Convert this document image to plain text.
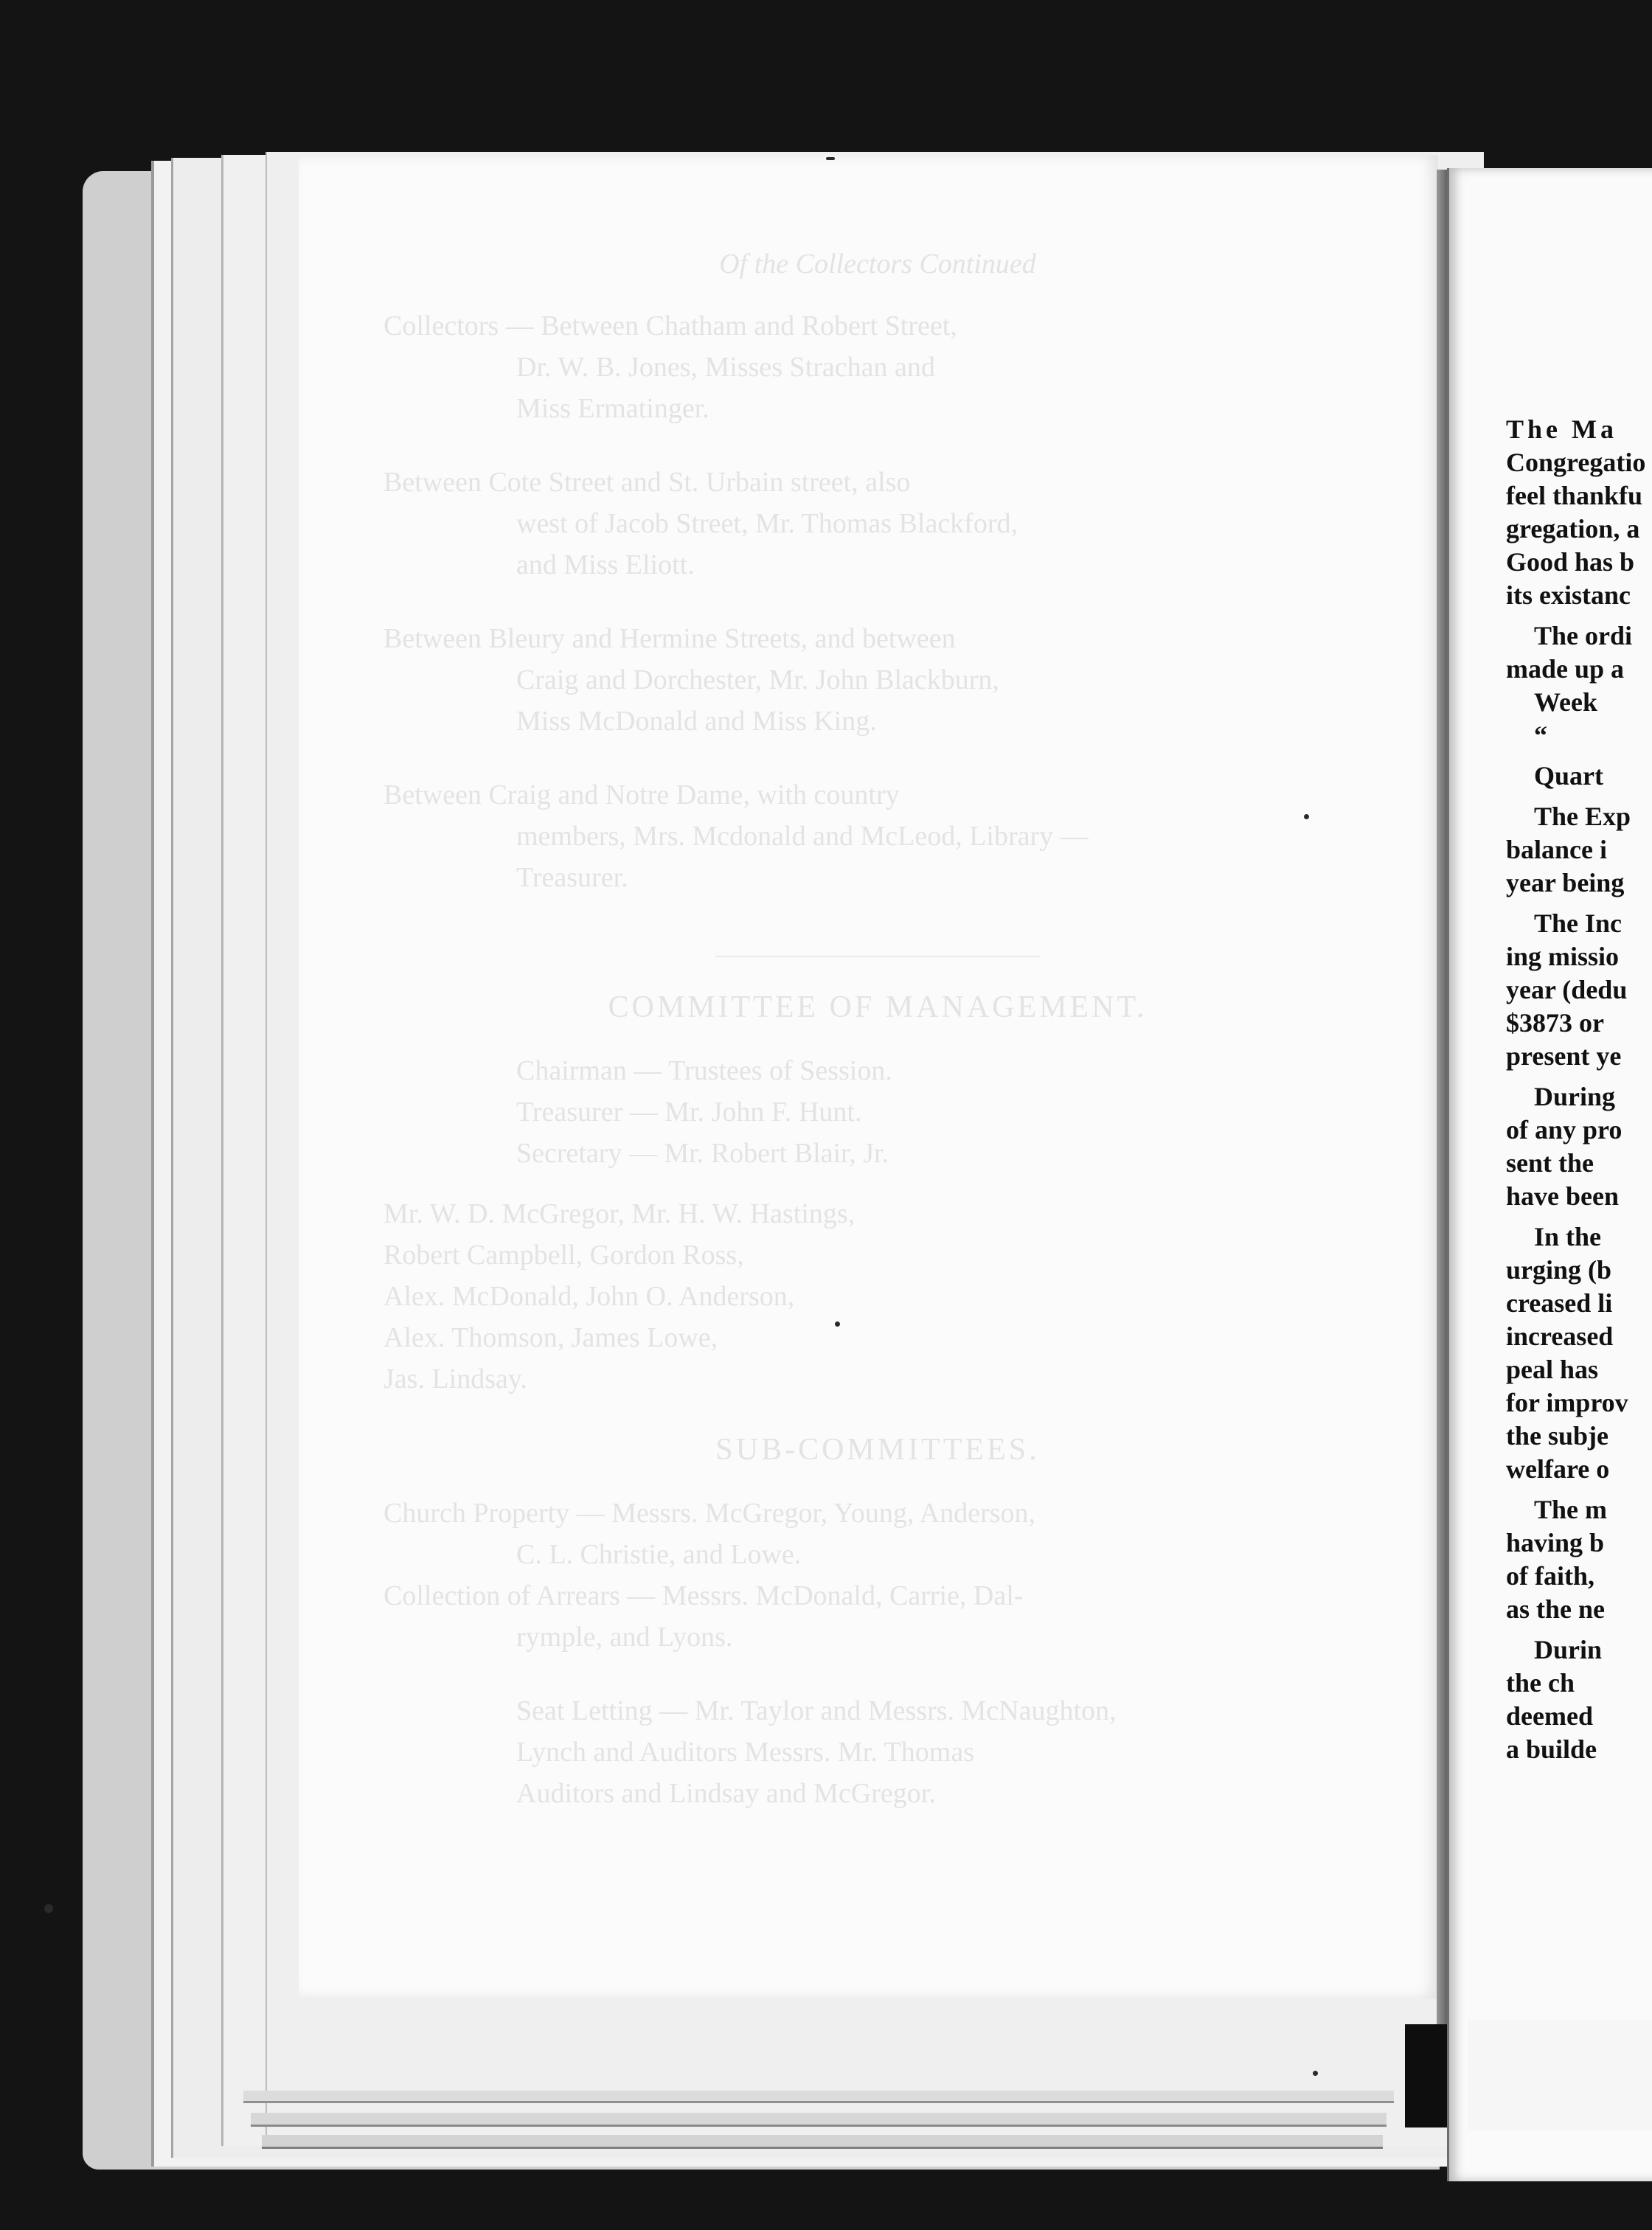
Of the Collectors Continued

Collectors — Between Chatham and Robert Street,

Dr. W. B. Jones, Misses Strachan and

Miss Ermatinger.

Between Cote Street and St. Urbain street, also

west of Jacob Street, Mr. Thomas Blackford,

and Miss Eliott.

Between Bleury and Hermine Streets, and between

Craig and Dorchester, Mr. John Blackburn,

Miss McDonald and Miss King.

Between Craig and Notre Dame, with country

members, Mrs. Mcdonald and McLeod, Library —

Treasurer.

COMMITTEE OF MANAGEMENT.

Chairman — Trustees of Session.

Treasurer — Mr. John F. Hunt.

Secretary — Mr. Robert Blair, Jr.

Mr. W. D. McGregor, Mr. H. W. Hastings,

Robert Campbell, Gordon Ross,

Alex. McDonald, John O. Anderson,

Alex. Thomson, James Lowe,

Jas. Lindsay.

SUB-COMMITTEES.

Church Property — Messrs. McGregor, Young, Anderson,

C. L. Christie, and Lowe.

Collection of Arrears — Messrs. McDonald, Carrie, Dal-

rymple, and Lyons.

Seat Letting — Mr. Taylor and Messrs. McNaughton,

Lynch and Auditors Messrs. Mr. Thomas

Auditors and Lindsay and McGregor.

The Ma

Congregatio

feel thankfu

gregation, a

Good has b

its existanc

The ordi

made up a

Week

“

Quart

The Exp

balance i

year being

The Inc

ing missio

year (dedu

$3873 or

present ye

During

of any pro

sent the

have been

In the

urging (b

creased li

increased

peal has

for improv

the subje

welfare o

The m

having b

of faith,

as the ne

Durin

the ch

deemed

a builde
